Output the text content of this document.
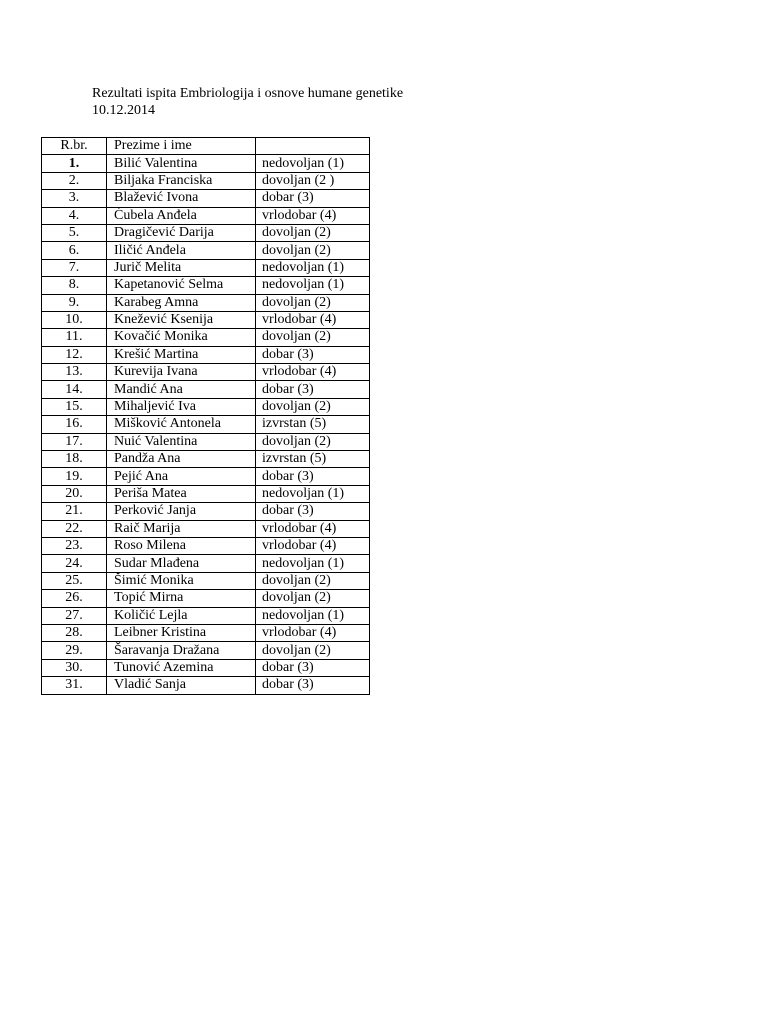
Rezultati ispita Embriologija i osnove humane genetike
10.12.2014
R.br.	Prezime i ime	
1.	Bilić Valentina	nedovoljan (1)
2.	Biljaka Franciska	dovoljan (2 )
3.	Blažević Ivona	dobar (3)
4.	Ćubela Anđela	vrlodobar (4)
5.	Dragičević Darija	dovoljan (2)
6.	Iličić Anđela	dovoljan (2)
7.	Jurič Melita	nedovoljan (1)
8.	Kapetanović Selma	nedovoljan (1)
9.	Karabeg Amna	dovoljan (2)
10.	Knežević Ksenija	vrlodobar (4)
11.	Kovačić Monika	dovoljan (2)
12.	Krešić Martina	dobar (3)
13.	Kurevija Ivana	vrlodobar (4)
14.	Mandić Ana	dobar (3)
15.	Mihaljević Iva	dovoljan (2)
16.	Mišković Antonela	izvrstan (5)
17.	Nuić Valentina	dovoljan (2)
18.	Pandža Ana	izvrstan (5)
19.	Pejić Ana	dobar (3)
20.	Periša Matea	nedovoljan (1)
21.	Perković Janja	dobar (3)
22.	Raič Marija	vrlodobar (4)
23.	Roso Milena	vrlodobar (4)
24.	Sudar Mlađena	nedovoljan (1)
25.	Šimić Monika	dovoljan (2)
26.	Topić Mirna	dovoljan (2)
27.	Količić Lejla	nedovoljan (1)
28.	Leibner Kristina	vrlodobar (4)
29.	Šaravanja Dražana	dovoljan (2)
30.	Tunović Azemina	dobar (3)
31.	Vladić Sanja	dobar (3)
